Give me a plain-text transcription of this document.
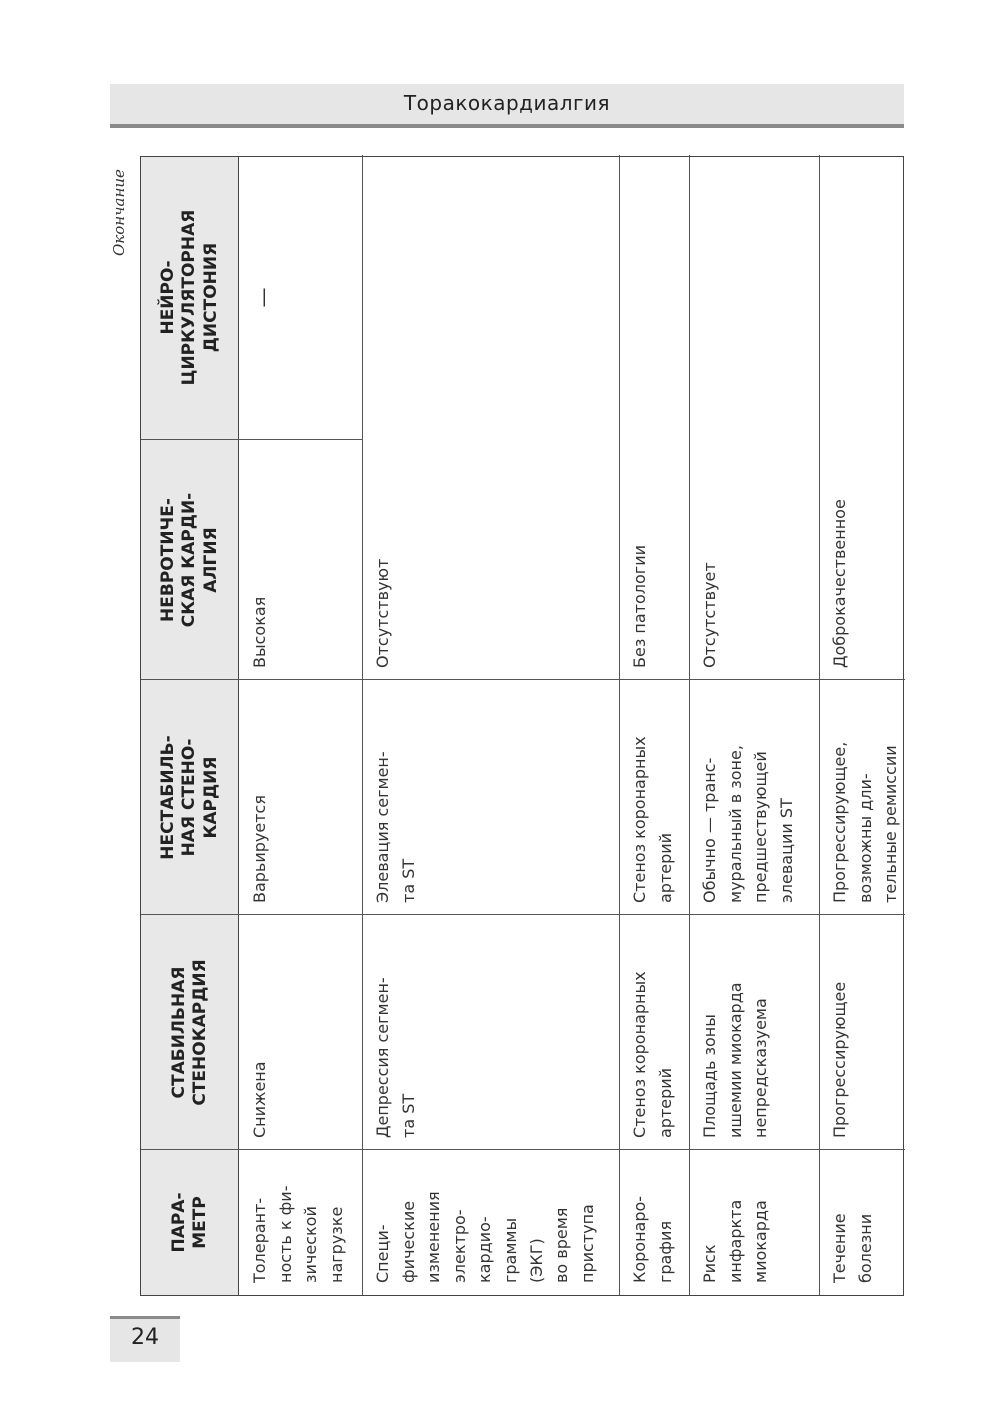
Торакокардиалгия
Окончание
ПАРА-
МЕТР
СТАБИЛЬНАЯ
СТЕНОКАРДИЯ
НЕСТАБИЛЬ-
НАЯ СТЕНО-
КАРДИЯ
НЕВРОТИЧЕ-
СКАЯ КАРДИ-
АЛГИЯ
НЕЙРО-
ЦИРКУЛЯТОРНАЯ
ДИСТОНИЯ
Толерант-
ность к фи-
зической
нагрузке
Снижена
Варьируется
Высокая
—
Специ-
фические
изменения
электро-
кардио-
граммы
(ЭКГ)
во время
приступа
Депрессия сегмен-
та ST
Элевация сегмен-
та ST
Отсутствуют
Коронаро-
графия
Стеноз коронарных
артерий
Стеноз коронарных
артерий
Без патологии
Риск
инфаркта
миокарда
Площадь зоны
ишемии миокарда
непредсказуема
Обычно — транс-
муральный в зоне,
предшествующей
элевации ST
Отсутствует
Течение
болезни
Прогрессирующее
Прогрессирующее,
возможны дли-
тельные ремиссии
Доброкачественное
24
